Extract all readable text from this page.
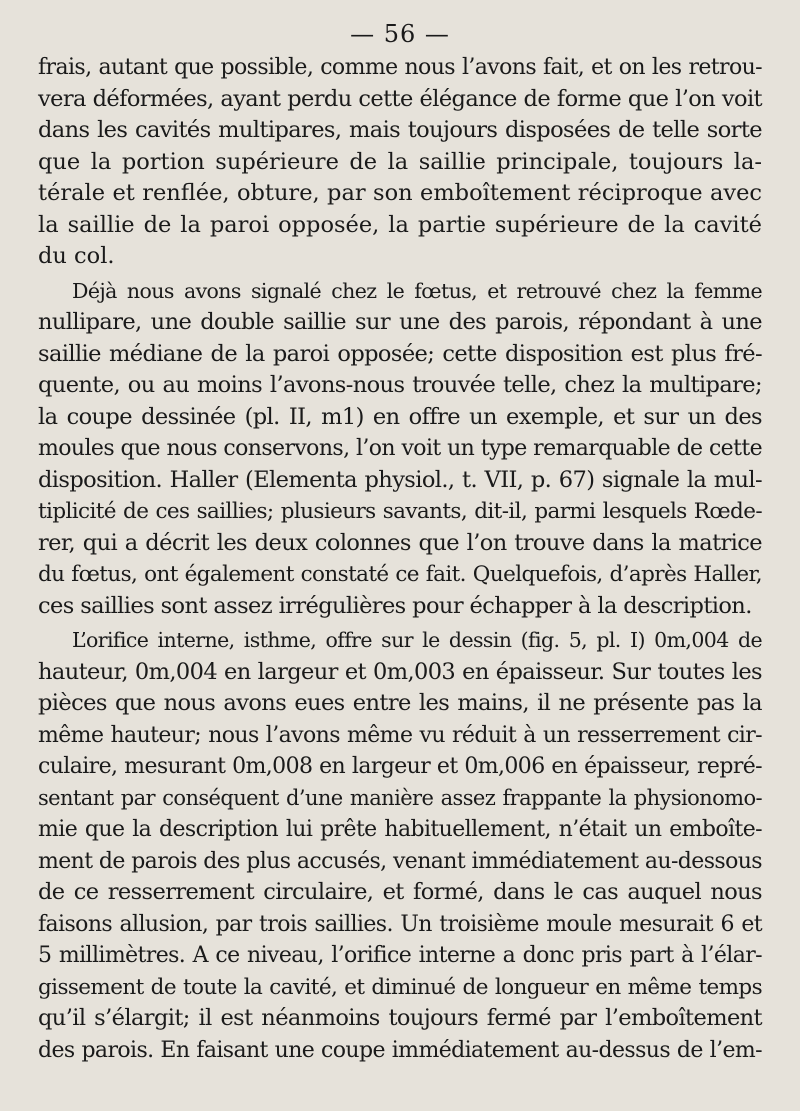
— 56 —
frais, autant que possible, comme nous l’avons fait, et on les retrou-
vera déformées, ayant perdu cette élégance de forme que l’on voit
dans les cavités multipares, mais toujours disposées de telle sorte
que la portion supérieure de la saillie principale, toujours la-
térale et renflée, obture, par son emboîtement réciproque avec
la saillie de la paroi opposée, la partie supérieure de la cavité
du col.
Déjà nous avons signalé chez le fœtus, et retrouvé chez la femme
nullipare, une double saillie sur une des parois, répondant à une
saillie médiane de la paroi opposée; cette disposition est plus fré-
quente, ou au moins l’avons-nous trouvée telle, chez la multipare;
la coupe dessinée (pl. II, m1) en offre un exemple, et sur un des
moules que nous conservons, l’on voit un type remarquable de cette
disposition. Haller (Elementa physiol., t. VII, p. 67) signale la mul-
tiplicité de ces saillies; plusieurs savants, dit-il, parmi lesquels Rœde-
rer, qui a décrit les deux colonnes que l’on trouve dans la matrice
du fœtus, ont également constaté ce fait. Quelquefois, d’après Haller,
ces saillies sont assez irrégulières pour échapper à la description.
L’orifice interne, isthme, offre sur le dessin (fig. 5, pl. I) 0m,004 de
hauteur, 0m,004 en largeur et 0m,003 en épaisseur. Sur toutes les
pièces que nous avons eues entre les mains, il ne présente pas la
même hauteur; nous l’avons même vu réduit à un resserrement cir-
culaire, mesurant 0m,008 en largeur et 0m,006 en épaisseur, repré-
sentant par conséquent d’une manière assez frappante la physionomo-
mie que la description lui prête habituellement, n’était un emboîte-
ment de parois des plus accusés, venant immédiatement au-dessous
de ce resserrement circulaire, et formé, dans le cas auquel nous
faisons allusion, par trois saillies. Un troisième moule mesurait 6 et
5 millimètres. A ce niveau, l’orifice interne a donc pris part à l’élar-
gissement de toute la cavité, et diminué de longueur en même temps
qu’il s’élargit; il est néanmoins toujours fermé par l’emboîtement
des parois. En faisant une coupe immédiatement au-dessus de l’em-
